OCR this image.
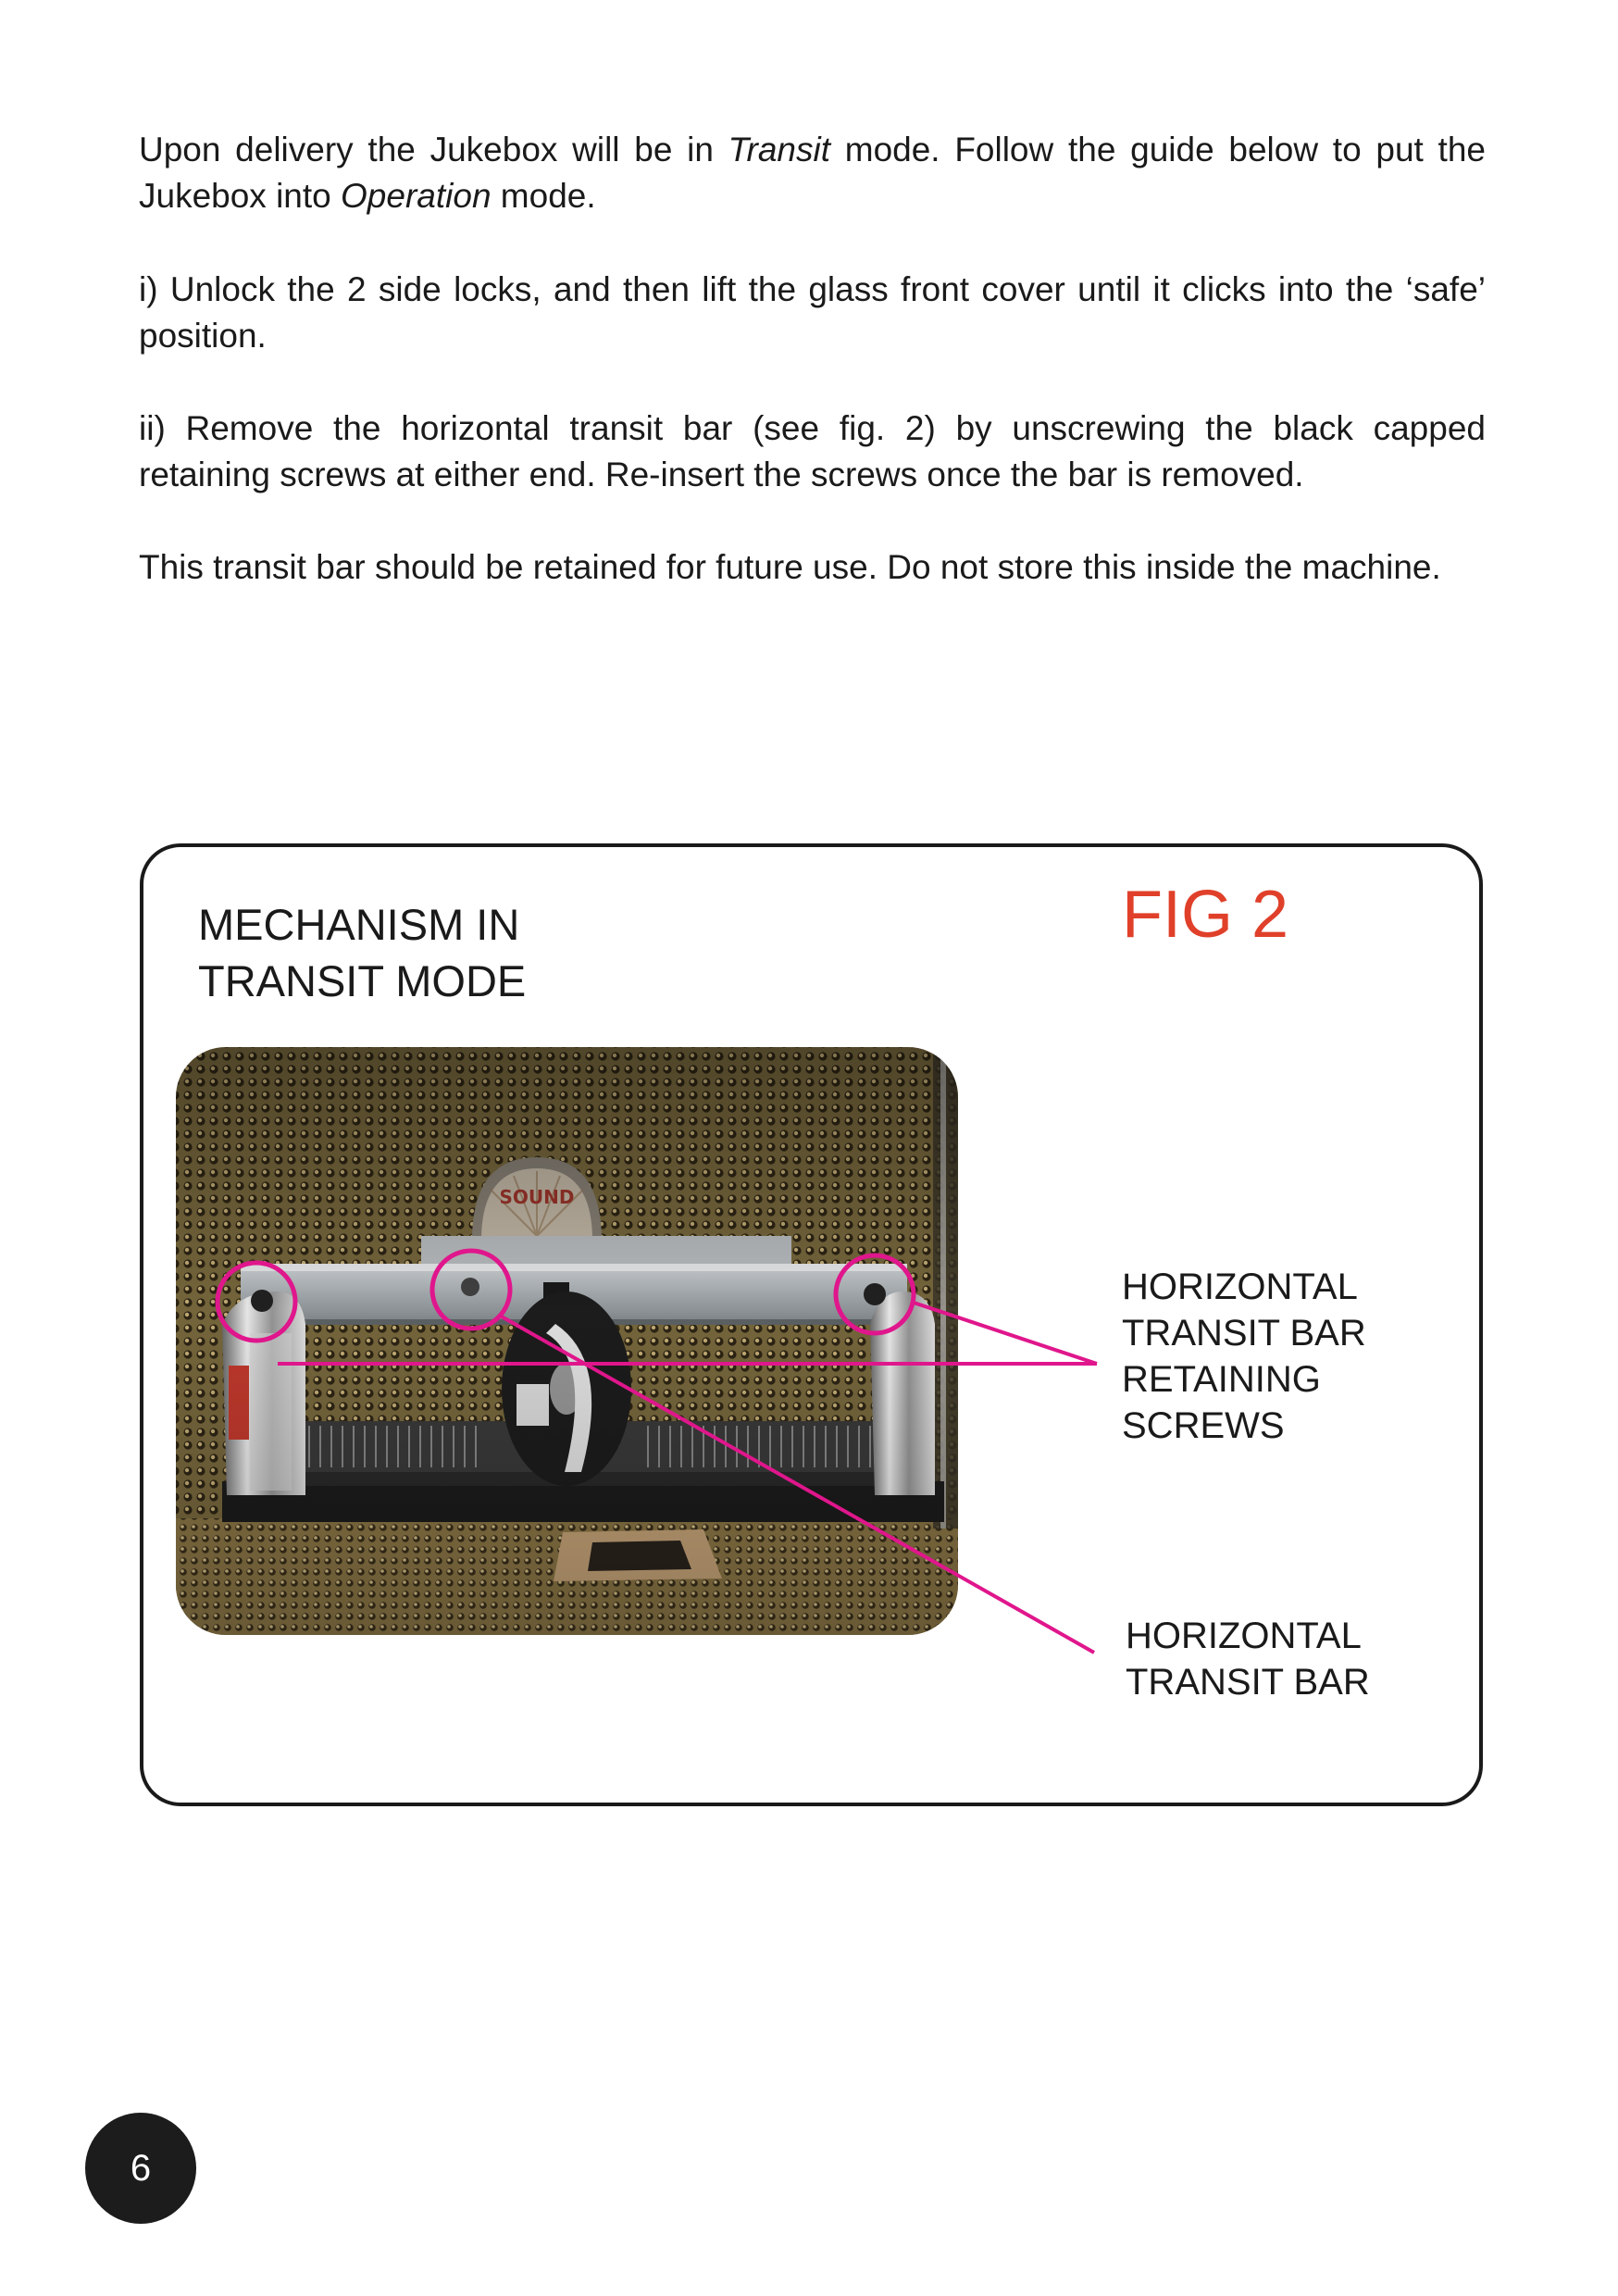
Upon delivery the Jukebox will be in Transit mode. Follow the guide below to put the Jukebox into Operation mode.

i) Unlock the 2 side locks, and then lift the glass front cover until it clicks into the ‘safe’ position.

ii) Remove the horizontal transit bar (see fig. 2) by unscrewing the black capped retaining screws at either end. Re-insert the screws once the bar is removed.

This transit bar should be retained for future use. Do not store this inside the machine.

MECHANISM IN
TRANSIT MODE
FIG 2
HORIZONTAL
TRANSIT BAR
RETAINING
SCREWS
HORIZONTAL
TRANSIT BAR
6
